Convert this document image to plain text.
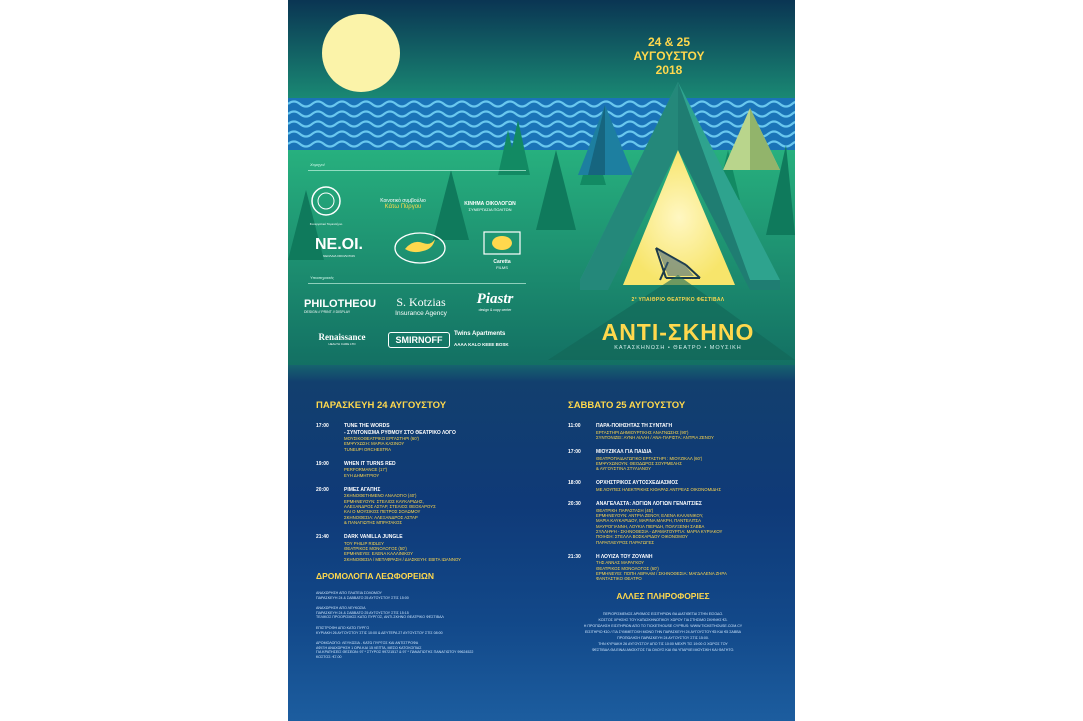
24 & 25
ΑΥΓΟΥΣΤΟΥ 2018
Χορηγοί
Συνεργατικό Ταμιευτήριο
Κοινοτικό συμβούλιο
Κάτω Πύργου	ΚΙΝΗΜΑ ΟΙΚΟΛΟΓΩΝ
ΣΥΝΕΡΓΑΣΙΑ ΠΟΛΙΤΩΝ
NE.OI.
ΝΕΟΛΑΙΑ ΟΙΚΟΛΟΓΩΝ
Caretta
FILMS
Υποστηρικτές
PHILOTHEOU
DESIGN // PRINT // DISPLAY
S. Kotzias
Insurance Agency
Piastr
design & copy center
Renaissance
HEALTH CARE LTD	SMIRNOFF
Twins Apartments
AAAA KALO KEEE BOSK
2° ΥΠΑΙΘΡΙΟ ΘΕΑΤΡΙΚΟ ΦΕΣΤΙΒΑΛ
ΑΝΤΙ-ΣΚΗΝΟ
ΚΑΤΑΣΚΗΝΩΣΗ • ΘΕΑΤΡΟ • ΜΟΥΣΙΚΗ
ΠΑΡΑΣΚΕΥΗ 24 ΑΥΓΟΥΣΤΟΥ
17:00	TUNE THE WORDS
- ΣΥΝΤΟΝΙΣΜΑ ΡΥΘΜΟΥ ΣΤΟ ΘΕΑΤΡΙΚΟ ΛΟΓΟ
ΜΟΥΣΙΚΟΘΕΑΤΡΙΚΟ ΕΡΓΑΣΤΗΡΙ (60')
ΕΜΨΥΧΩΣΗ: ΜΑΡΙΑ ΚΑΣΙΝΟΥ
TUNEUP! ORCHESTRA
19:00	WHEN IT TURNS RED
PERFORMANCE (17')
ΕΥΗ ΔΗΜΗΤΡΙΟΥ
20:00	ΡΙΜΕΣ ΑΓΑΠΗΣ
ΣΚΗΝΟΘΕΤΗΜΕΝΟ ΑΝΑΛΟΓΙΟ (40')
ΕΡΜΗΝΕΥΟΥΝ: ΣΤΕΛΙΟΣ ΚΑΥΚΑΡΙΔΗΣ,
ΑΛΕΞΑΝΔΡΟΣ ΑΣΤΑΡ, ΣΤΕΛΙΟΣ ΘΕΟΧΑΡΟΥΣ
ΚΑΙ Ο ΜΟΥΣΙΚΟΣ ΠΕΤΡΟΣ ΣΟΛΩΜΟΥ
ΣΚΗΝΟΘΕΣΙΑ: ΑΛΕΞΑΝΔΡΟΣ ΑΣΤΑΡ
& ΠΑΝΑΓΙΩΤΗΣ ΜΠΡΑΤΑΚΟΣ
21:40	DARK VANILLA JUNGLE
ΤΟΥ PHILIP RIDLEY
ΘΕΑΤΡΙΚΟΣ ΜΟΝΟΛΟΓΟΣ (50')
ΕΡΜΗΝΕΥΕΙ: ΕΛΕΝΑ ΚΑΛΛΙΝΙΚΟΥ
ΣΚΗΝΟΘΕΣΙΑ / ΜΕΤΑΦΡΑΣΗ / ΔΙΑΣΚΕΥΗ: ΕΒΙΤΑ ΙΩΑΝΝΟΥ
ΔΡΟΜΟΛΟΓΙΑ ΛΕΩΦΟΡΕΙΩΝ
ΑΝΑΧΩΡΗΣΗ ΑΠΟ ΠΛΑΤΕΙΑ ΣΟΛΩΜΟΥ
ΠΑΡΑΣΚΕΥΗ 24 & ΣΑΒΒΑΤΟ 25 ΑΥΓΟΥΣΤΟΥ ΣΤΙΣ 15:00
ΑΝΑΧΩΡΗΣΗ ΑΠΟ ΛΕΥΚΩΣΙΑ
ΠΑΡΑΣΚΕΥΗ 24 & ΣΑΒΒΑΤΟ 25 ΑΥΓΟΥΣΤΟΥ ΣΤΙΣ 15:15
ΤΕΛΙΚΟΣ ΠΡΟΟΡΙΣΜΟΣ ΚΑΤΩ ΠΥΡΓΟΣ, ΑΝΤΙ-ΣΚΗΝΟ ΘΕΑΤΡΙΚΟ ΦΕΣΤΙΒΑΛ
ΕΠΙΣΤΡΟΦΗ ΑΠΟ ΚΑΤΩ ΠΥΡΓΟ
ΚΥΡΙΑΚΗ 26 ΑΥΓΟΥΣΤΟΥ ΣΤΙΣ 10:00 & ΔΕΥΤΕΡΑ 27 ΑΥΓΟΥΣΤΟΥ ΣΤΙΣ 08:00
ΔΡΟΜΟΛΟΓΙΟ: ΛΕΥΚΩΣΙΑ - ΚΑΤΩ ΠΥΡΓΟΣ ΚΑΙ ΑΝΤΙΣΤΡΟΦΑ
ΑΦΙΞΗ ΑΝΑΧΩΡΗΣΗ 1 ΩΡΑ ΚΑΙ 15 ΛΕΠΤΑ, ΜΕΣΩ ΚΑΤΟΚΟΠΙΑΣ
ΓΙΑ ΚΡΑΤΗΣΕΙΣ ΘΕΣΕΩΝ: 97 * ΣΤΥΡΟΣ 99721517 & 97 * ΠΑΝΑΓΙΩΤΗΣ ΠΑΝΑΓΙΩΤΟΥ 99624522
ΚΟΣΤΟΣ: €7.00
ΣΑΒΒΑΤΟ 25 ΑΥΓΟΥΣΤΟΥ
11:00	ΠΑΡΑ-ΠΟΙΗΣΗΤΑΣ ΤΗ ΣΥΝΤΑΓΗ
ΕΡΓΑΣΤΗΡΙ ΔΗΜΙΟΥΡΓΙΚΗΣ ΑΝΑΓΝΩΣΗΣ (90')
ΣΥΝΤΟΝΙΖΕΙ: ΑΥΝΗ ΑΙΛΑΗ / ΑΝΑ-ΠΑΡΙΣΤΑ: ΑΝΤΡΙΑ ΖΕΝΟΥ
17:00	ΜΙΟΥΖΙΚΑΛ ΓΙΑ ΠΑΙΔΙΑ
ΘΕΑΤΡΟΠΑΙΔΑΓΩΓΙΚΟ ΕΡΓΑΣΤΗΡΙ : ΜΙΟΥΖΙΚΑΛ (60')
ΕΜΨΥΧΩΝΟΥΝ: ΘΕΟΔΩΡΟΣ ΣΟΥΡΜΕΛΗΣ
& ΑΥΓΟΥΣΤΙΝΑ ΣΤΥΛΙΑΝΟΥ
18:00	ΟΡΧΗΣΤΡΙΚΟΣ ΑΥΤΟΣΧΕΔΙΑΣΜΟΣ
ΜΕ ΛΟΥΠΕΣ ΗΛΕΚΤΡΙΚΗΣ ΚΙΘΑΡΑΣ ΑΝΤΡΕΑΣ ΟΙΚΟΝΟΜΙΔΗΣ
20:30	ΑΝΑΓΕΛΑΣΤΑ: ΛΟΓΙΩΝ ΛΟΓΙΩΝ ΓΕΝΑΙΤΣΙΕΣ
ΘΕΑΤΡΙΚΗ ΠΑΡΑΣΤΑΣΗ (45')
ΕΡΜΗΝΕΥΟΥΝ: ΑΝΤΡΙΑ ΖΕΝΟΥ, ΕΛΕΝΑ ΚΑΛΛΙΝΙΚΟΥ,
ΜΑΡΙΑ ΚΑΥΚΑΡΙΔΟΥ, ΜΑΡΙΝΑ ΜΑΚΡΗ, ΠΑΝΤΕΛΙΤΣΑ
ΜΑΥΡΟΓΙΑΝΝΗ, ΛΟΥΚΙΑ ΠΙΕΡΙΔΗ, ΠΟΛΥΞΕΝΗ ΣΑΒΒΑ
ΣΥΛΛΗΨΗ - ΣΚΗΝΟΘΕΣΙΑ - ΔΡΑΜΑΤΟΥΡΓΙΑ: ΜΑΡΙΑ ΚΥΡΙΑΚΟΥ
ΠΟΙΗΣΗ: ΣΤΕΛΛΑ ΒΟΣΚΑΡΙΔΟΥ ΟΙΚΟΝΟΜΟΥ
ΠΑΡΑΠΛΕΥΡΟΣ ΠΑΡΑΓΩΓΕΣ
21:30	Η ΛΟΥΙΖΑ ΤΟΥ ΖΟΥΑΝΗ
ΤΗΣ ΑΝΝΑΣ ΜΑΡΑΓΚΟΥ
ΘΕΑΤΡΙΚΟΣ ΜΟΝΟΛΟΓΟΣ (60')
ΕΡΜΗΝΕΥΕΙ: ΠΟΠΗ ΑΒΡΑΑΜ / ΣΚΗΝΟΘΕΣΙΑ: ΜΑΓΔΑΛΕΝΑ ΖΗΡΑ
ΦΑΝΤΑΣΤΙΚΟ ΘΕΑΤΡΟ
ΑΛΛΕΣ ΠΛΗΡΟΦΟΡΙΕΣ
ΠΕΡΙΟΡΙΣΜΕΝΟΣ ΑΡΙΘΜΟΣ ΕΙΣΙΤΗΡΙΩΝ ΘΑ ΔΙΑΤΙΘΕΤΑΙ ΣΤΗΝ ΕΙΣΟΔΟ.
ΚΟΣΤΟΣ ΧΡΗΣΗΣ ΤΟΥ ΚΑΤΑΣΚΗΝΩΤΙΚΟΥ ΧΩΡΟΥ ΓΙΑ ΣΤΗΣΙΜΟ ΣΚΗΝΗΣ €3.
Η ΠΡΟΠΩΛΗΣΗ ΕΙΣΙΤΗΡΙΩΝ ΑΠΟ ΤΟ TICKETHOUSE CYPRUS: WWW.TICKETHOUSE.COM.CY
ΕΙΣΙΤΗΡΙΟ €10 / ΓΙΑ ΣΥΜΜΕΤΟΧΗ ΜΟΝΟ ΤΗΝ ΠΑΡΑΣΚΕΥΗ 24 ΑΥΓΟΥΣΤΟΥ €5 ΚΑΙ €5 ΣΑΒΒΑ
ΠΡΟΠΩΛΗΣΗ ΠΑΡΑΣΚΕΥΗ 24 ΑΥΓΟΥΣΤΟΥ ΣΤΙΣ 15:00.
ΤΗΝ ΚΥΡΙΑΚΗ 26 ΑΥΓΟΥΣΤΟΥ ΑΠΟ ΤΙΣ 10:00 ΜΕΧΡΙ ΤΙΣ 19:00 Ο ΧΩΡΟΣ ΤΟΥ
ΦΕΣΤΙΒΑΛ ΘΑ ΕΙΝΑΙ ΑΝΟΙΧΤΟΣ ΓΙΑ ΟΛΟΥΣ ΚΑΙ ΘΑ ΥΠΑΡΧΕΙ ΜΟΥΣΙΚΗ ΚΑΙ ΦΑΓΗΤΟ.
